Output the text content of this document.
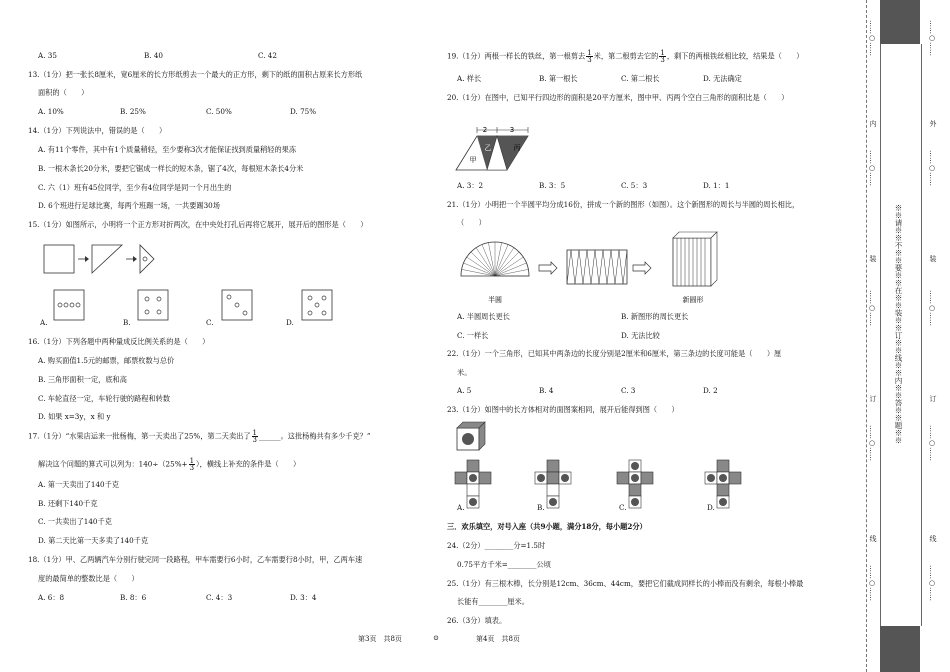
A. 35	B. 40	C. 42
13.（1分）把一张长8厘米，宽6厘米的长方形纸剪去一个最大的正方形，剩下的纸的面积占原来长方形纸
面积的（　　）
A. 10%	B. 25%	C. 50%	D. 75%
14.（1分）下列说法中，错误的是（　　）
A. 有11个零件，其中有1个质量稍轻，至少要称3次才能保证找到质量稍轻的果冻
B. 一根木条长20分米，要把它锯成一样长的短木条，锯了4次，每根短木条长4分米
C. 六（1）班有45位同学，至少有4位同学是同一个月出生的
D. 6个班进行足球比赛，每两个班踢一场，一共要踢30场
15.（1分）如图所示，小明将一个正方形对折两次，在中央处打孔后再将它展开，展开后的图形是（　　）
A.	B.	C.	D.
16.（1分）下列各题中两种量成反比例关系的是（　　）
A. 购买面值1.5元的邮票，邮票枚数与总价
B. 三角形面积一定，底和高
C. 车轮直径一定，车轮行驶的路程和转数
D. 如果 x=3y，x 和 y
17.（1分）“水果店运来一批杨梅，第一天卖出了25%，第二天卖出了 $\frac{1}{3}$ ______。这批杨梅共有多少千克？”
解决这个问题的算式可以列为：$140\div(25\%+ \frac{1}{3}$ ），横线上补充的条件是（　　）
A. 第一天卖出了140千克
B. 还剩下140千克
C. 一共卖出了140千克
D. 第二天比第一天多卖了140千克
18.（1分）甲、乙两辆汽车分别行驶完同一段路程，甲车需要行6小时，乙车需要行8小时，甲，乙两车速
度的最简单的整数比是（　　）
A. 6：8	B. 8：6	C. 4：3	D. 3：4
19.（1分）两根一样长的铁丝，第一根剪去 $\frac{1}{3}$ 米，第二根剪去它的 $\frac{1}{3}$ ，剩下的两根铁丝相比较，结果是（　　）
A. 样长	B. 第一根长	C. 第二根长	D. 无法确定
20.（1分）在图中，已知平行四边形的面积是20平方厘米，图中甲、丙两个空白三角形的面积比是（　　）
2	3
甲
乙	丙
A. 3：2	B. 3：5	C. 5：3	D. 1：1
21.（1分）小明把一个半圆平均分成16份，拼成一个新的图形（如图）。这个新图形的周长与半圆的周长相比，
（　　）
半圆	新圆形
A. 半圆周长更长	B. 新图形的周长更长
C. 一样长	D. 无法比较
22.（1分）一个三角形，已知其中两条边的长度分别是2厘米和6厘米，第三条边的长度可能是（　　）厘
米。
A. 5	B. 4	C. 3	D. 2
23.（1分）如图中的长方体相对的面图案相同，展开后能得到图（　　）
A.	B.	C.	D.
三．欢乐填空，对号入座（共9小题，满分18分，每小题2分）
24.（2分）________分=1.5时
0.75平方千米=________公顷
25.（1分）有三根木棒，长分别是12cm、36cm、44cm，要把它们截成同样长的小棒而没有剩余，每根小棒最
长能有________厘米。
26.（3分）填表。
第3页　共8页	⊙	第4页　共8页
※※请※※不※※要※※在※※装※※订※※线※※内※※答※※题※※
……○……
内
……○……
装
……○……
订
……○……
线
……○……
……○……
外
……○……
装
……○……
订
……○……
线
……○……
